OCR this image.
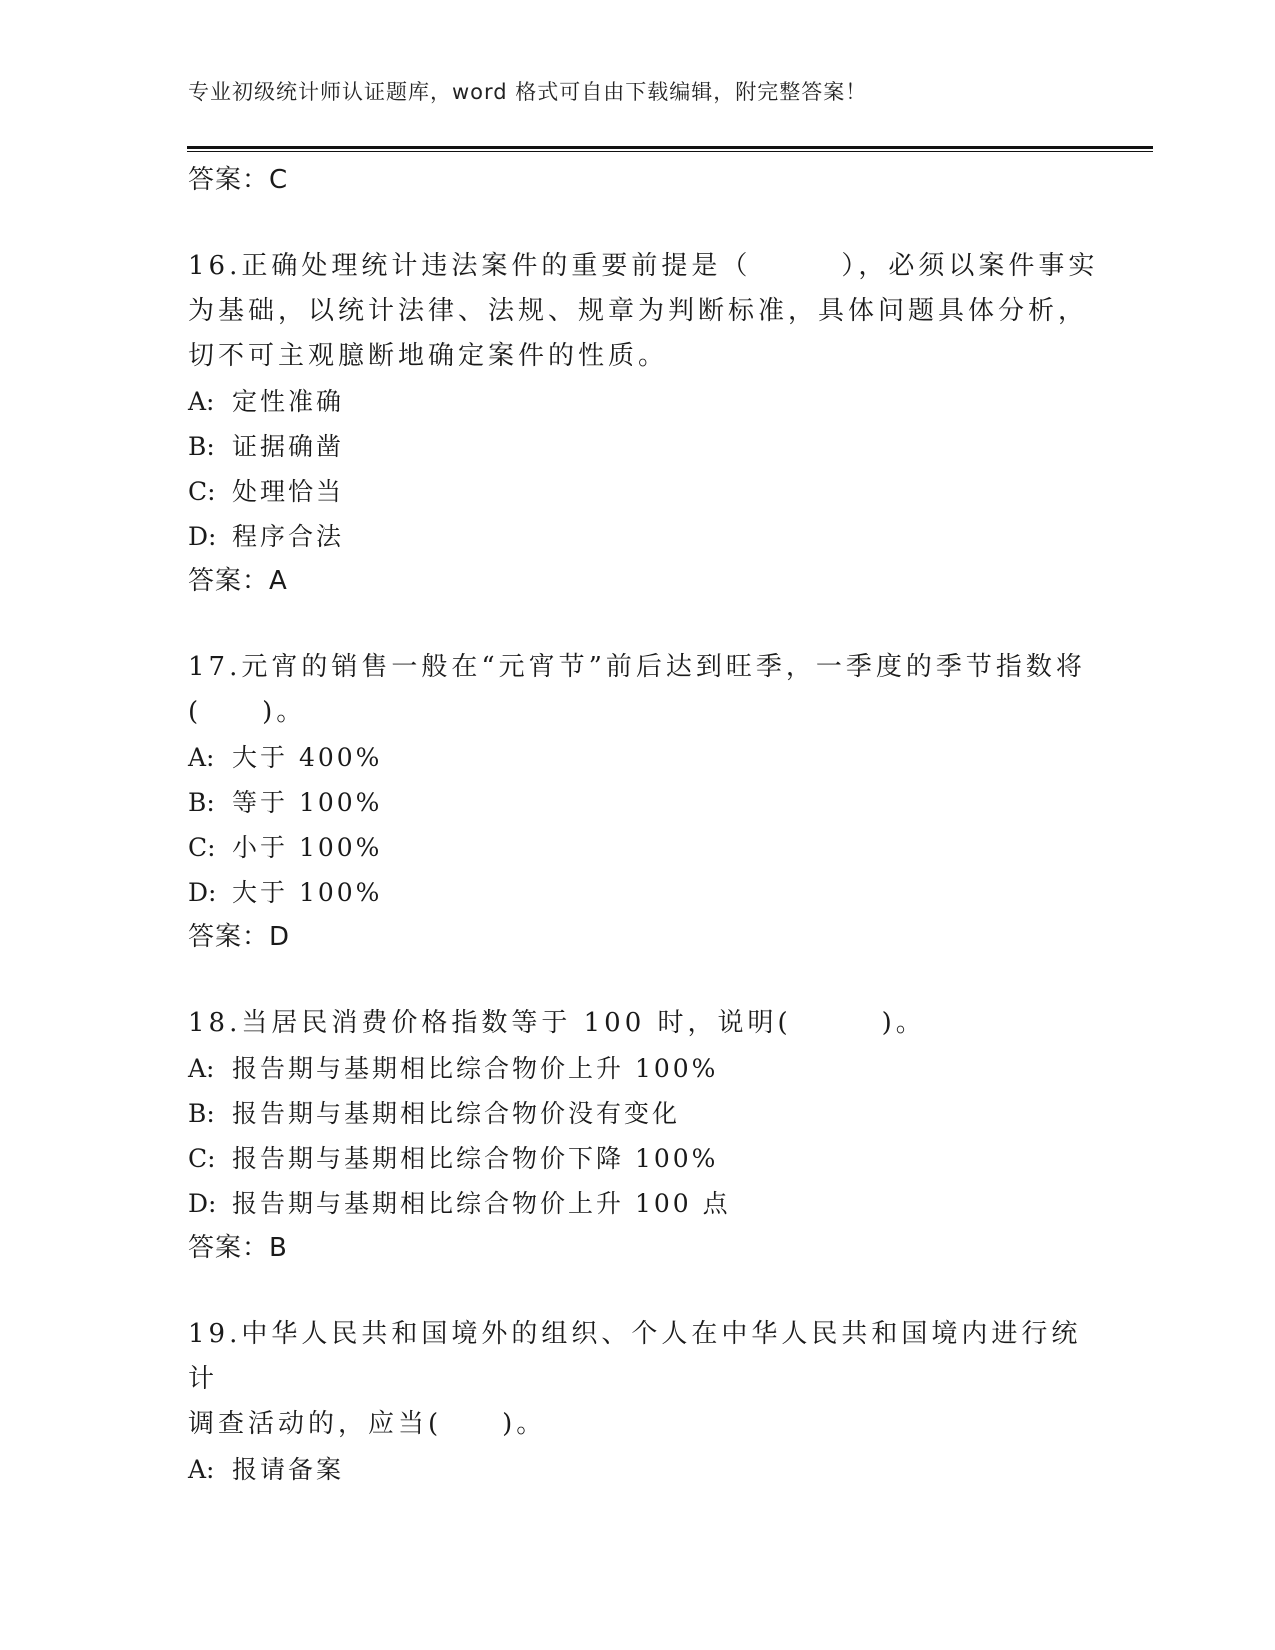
专业初级统计师认证题库，word 格式可自由下载编辑，附完整答案！
答案：C
16.正确处理统计违法案件的重要前提是（　　　），必须以案件事实
为基础，以统计法律、法规、规章为判断标准，具体问题具体分析，
切不可主观臆断地确定案件的性质。
A: 定性准确
B: 证据确凿
C: 处理恰当
D: 程序合法
答案：A
17.元宵的销售一般在“元宵节”前后达到旺季，一季度的季节指数将
(　　)。
A: 大于 400%
B: 等于 100%
C: 小于 100%
D: 大于 100%
答案：D
18.当居民消费价格指数等于 100 时，说明(　　　)。
A: 报告期与基期相比综合物价上升 100%
B: 报告期与基期相比综合物价没有变化
C: 报告期与基期相比综合物价下降 100%
D: 报告期与基期相比综合物价上升 100 点
答案：B
19.中华人民共和国境外的组织、个人在中华人民共和国境内进行统计
调查活动的，应当(　　)。
A: 报请备案
